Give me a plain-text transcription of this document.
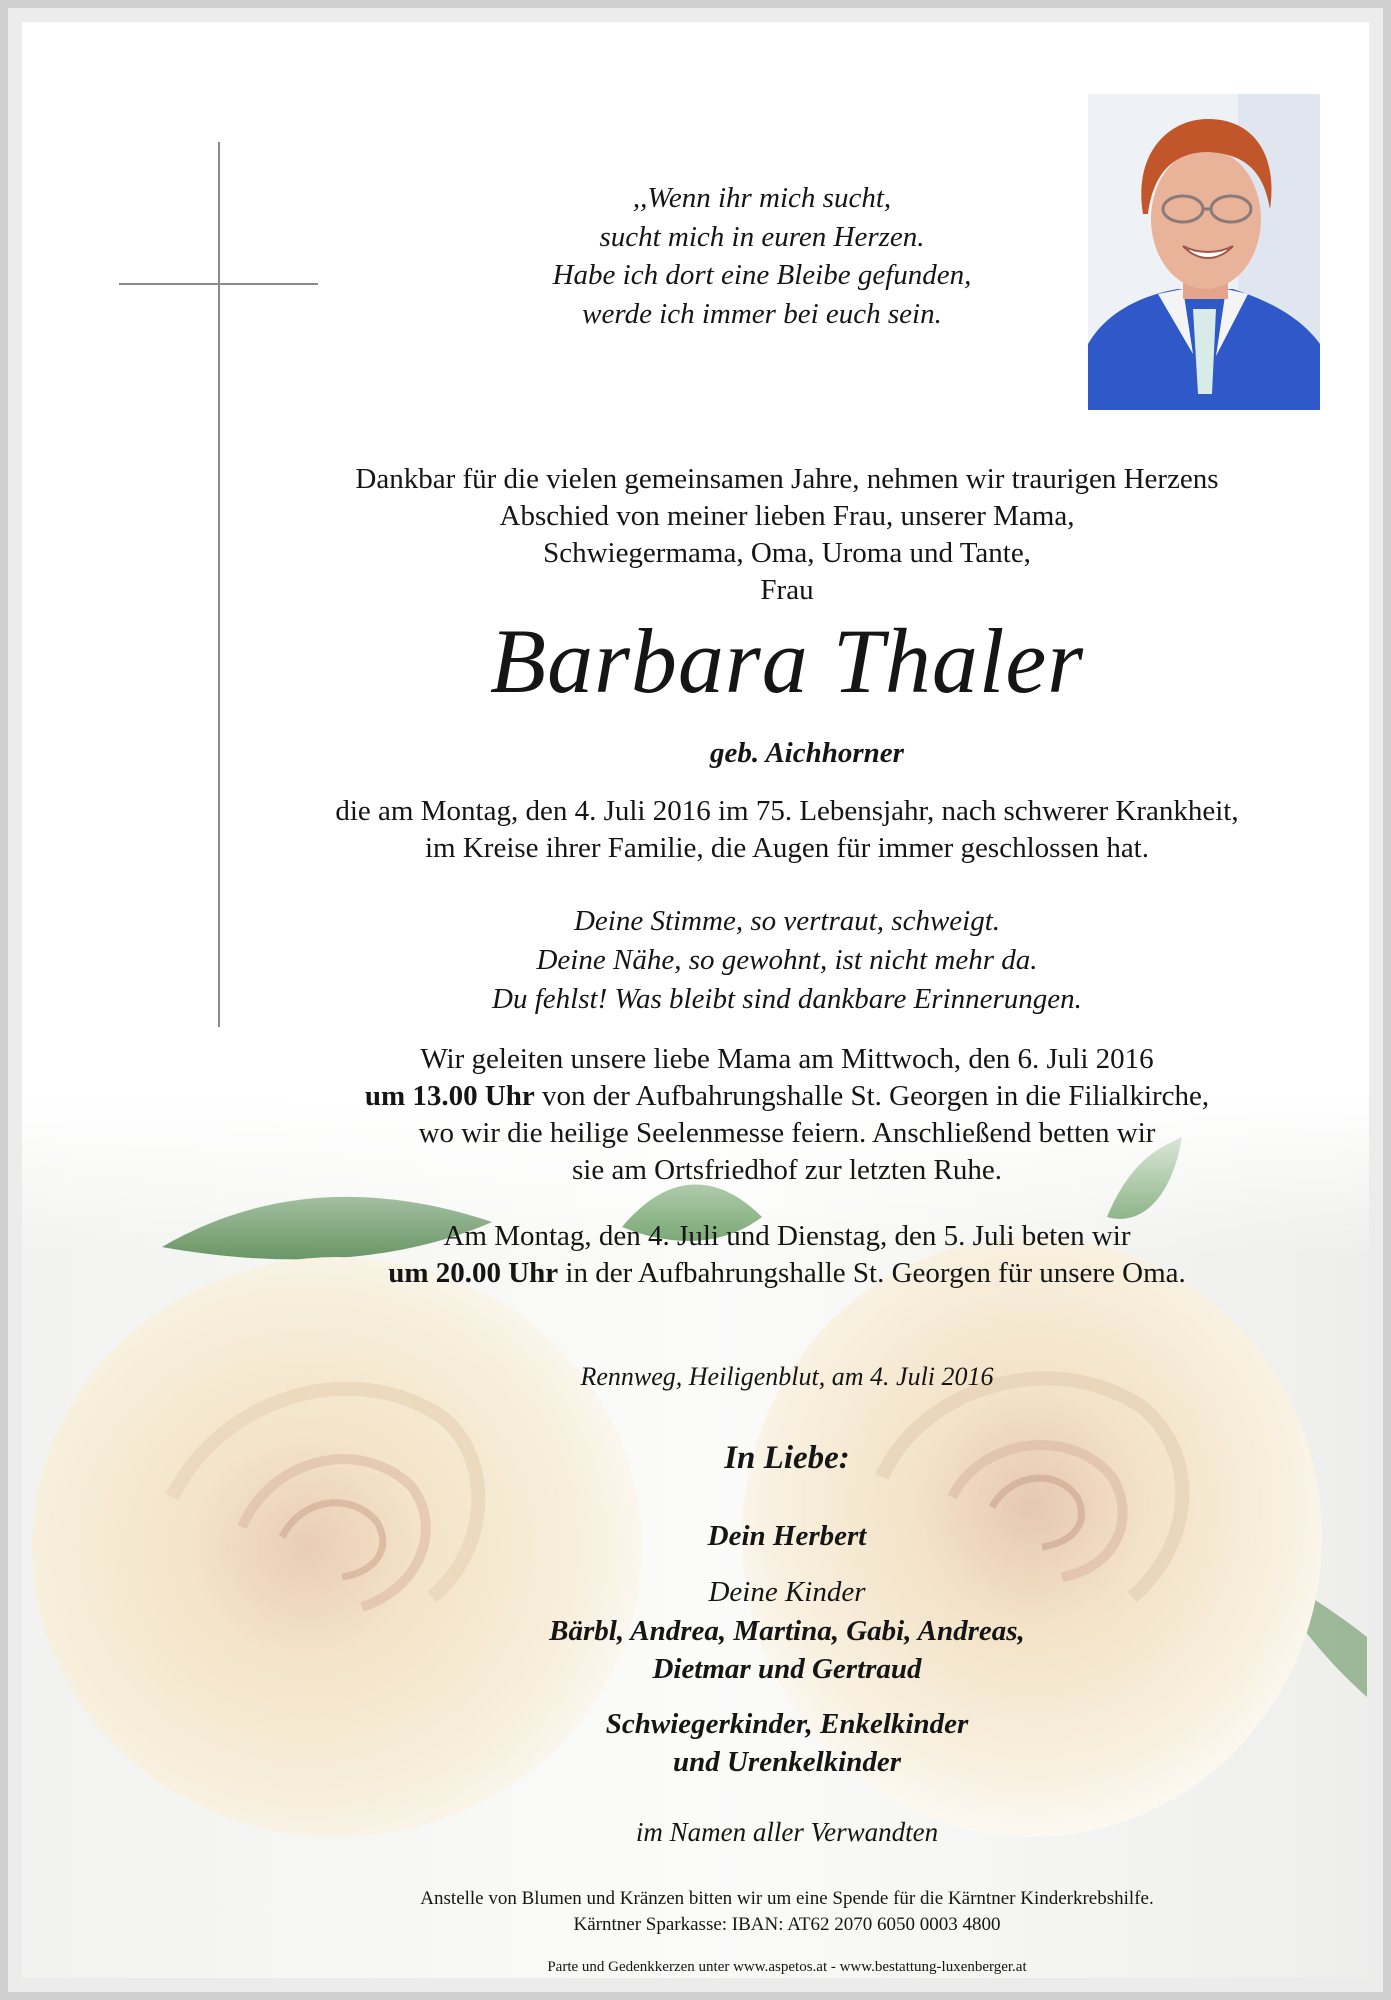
,,Wenn ihr mich sucht,
sucht mich in euren Herzen.
Habe ich dort eine Bleibe gefunden,
werde ich immer bei euch sein.
Dankbar für die vielen gemeinsamen Jahre, nehmen wir traurigen Herzens
Abschied von meiner lieben Frau, unserer Mama,
Schwiegermama, Oma, Uroma und Tante,
Frau
Barbara Thaler
geb. Aichhorner
die am Montag, den 4. Juli 2016 im 75. Lebensjahr, nach schwerer Krankheit,
im Kreise ihrer Familie, die Augen für immer geschlossen hat.
Deine Stimme, so vertraut, schweigt.
Deine Nähe, so gewohnt, ist nicht mehr da.
Du fehlst! Was bleibt sind dankbare Erinnerungen.
Wir geleiten unsere liebe Mama am Mittwoch, den 6. Juli 2016
um 13.00 Uhr von der Aufbahrungshalle St. Georgen in die Filialkirche,
wo wir die heilige Seelenmesse feiern. Anschließend betten wir
sie am Ortsfriedhof zur letzten Ruhe.
Am Montag, den 4. Juli und Dienstag, den 5. Juli beten wir
um 20.00 Uhr in der Aufbahrungshalle St. Georgen für unsere Oma.
Rennweg, Heiligenblut, am 4. Juli 2016
In Liebe:
Dein Herbert
Deine Kinder
Bärbl, Andrea, Martina, Gabi, Andreas,
Dietmar und Gertraud
Schwiegerkinder, Enkelkinder
und Urenkelkinder
im Namen aller Verwandten
Anstelle von Blumen und Kränzen bitten wir um eine Spende für die Kärntner Kinderkrebshilfe.
Kärntner Sparkasse: IBAN: AT62 2070 6050 0003 4800
Parte und Gedenkkerzen unter www.aspetos.at - www.bestattung-luxenberger.at
